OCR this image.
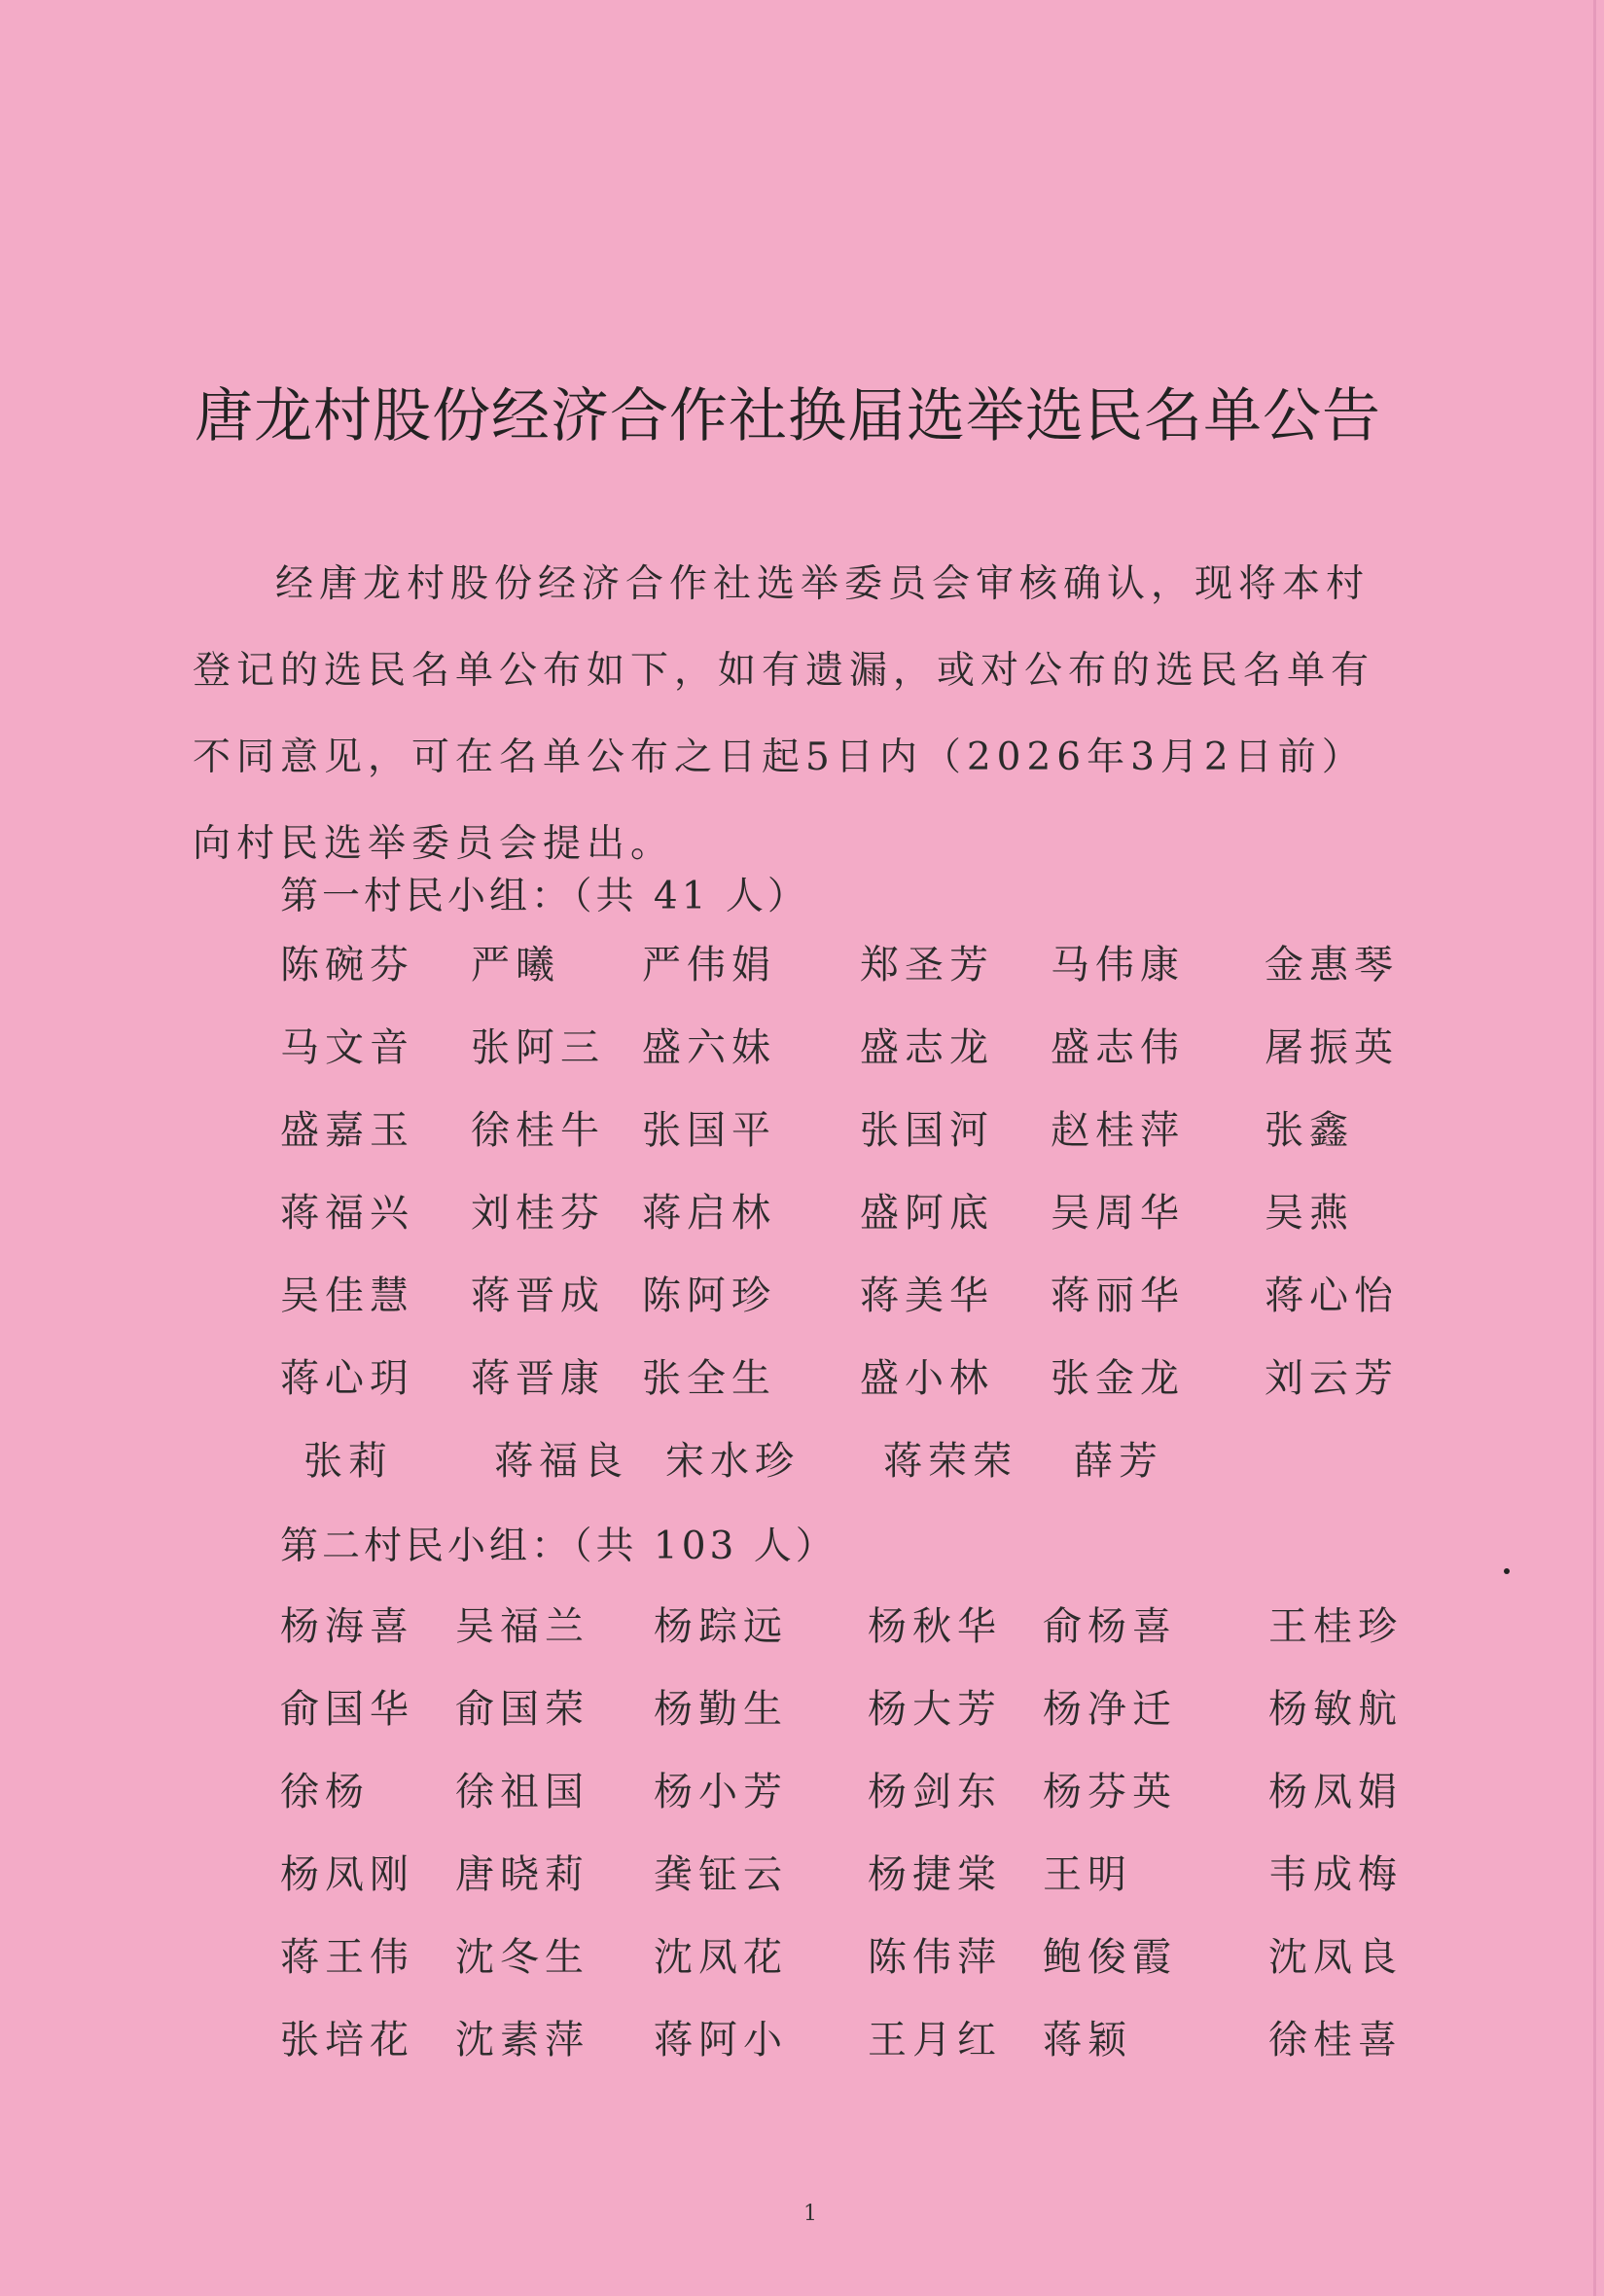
唐龙村股份经济合作社换届选举选民名单公告
经唐龙村股份经济合作社选举委员会审核确认，现将本村登记的选民名单公布如下，如有遗漏，或对公布的选民名单有不同意见，可在名单公布之日起5日内（2026年3月2日前）向村民选举委员会提出。
第一村民小组：（共 41 人）
陈碗芬 严曦 严伟娟 郑圣芳 马伟康 金惠琴
马文音 张阿三 盛六妹 盛志龙 盛志伟 屠振英
盛嘉玉 徐桂牛 张国平 张国河 赵桂萍 张鑫
蒋福兴 刘桂芬 蒋启林 盛阿底 吴周华 吴燕
吴佳慧 蒋晋成 陈阿珍 蒋美华 蒋丽华 蒋心怡
蒋心玥 蒋晋康 张全生 盛小林 张金龙 刘云芳
张莉	蒋福良 宋水珍 蒋荣荣 薛芳
第二村民小组：（共 103 人）
杨海喜 吴福兰 杨踪远 杨秋华 俞杨喜 王桂珍
俞国华 俞国荣 杨勤生 杨大芳 杨净迁 杨敏航
徐杨 徐祖国 杨小芳 杨剑东 杨芬英 杨凤娟
杨凤刚 唐晓莉 龚钲云 杨捷棠 王明	韦成梅
蒋王伟 沈冬生 沈凤花 陈伟萍 鲍俊霞 沈凤良
张培花 沈素萍 蒋阿小 王月红 蒋颖	徐桂喜
1
